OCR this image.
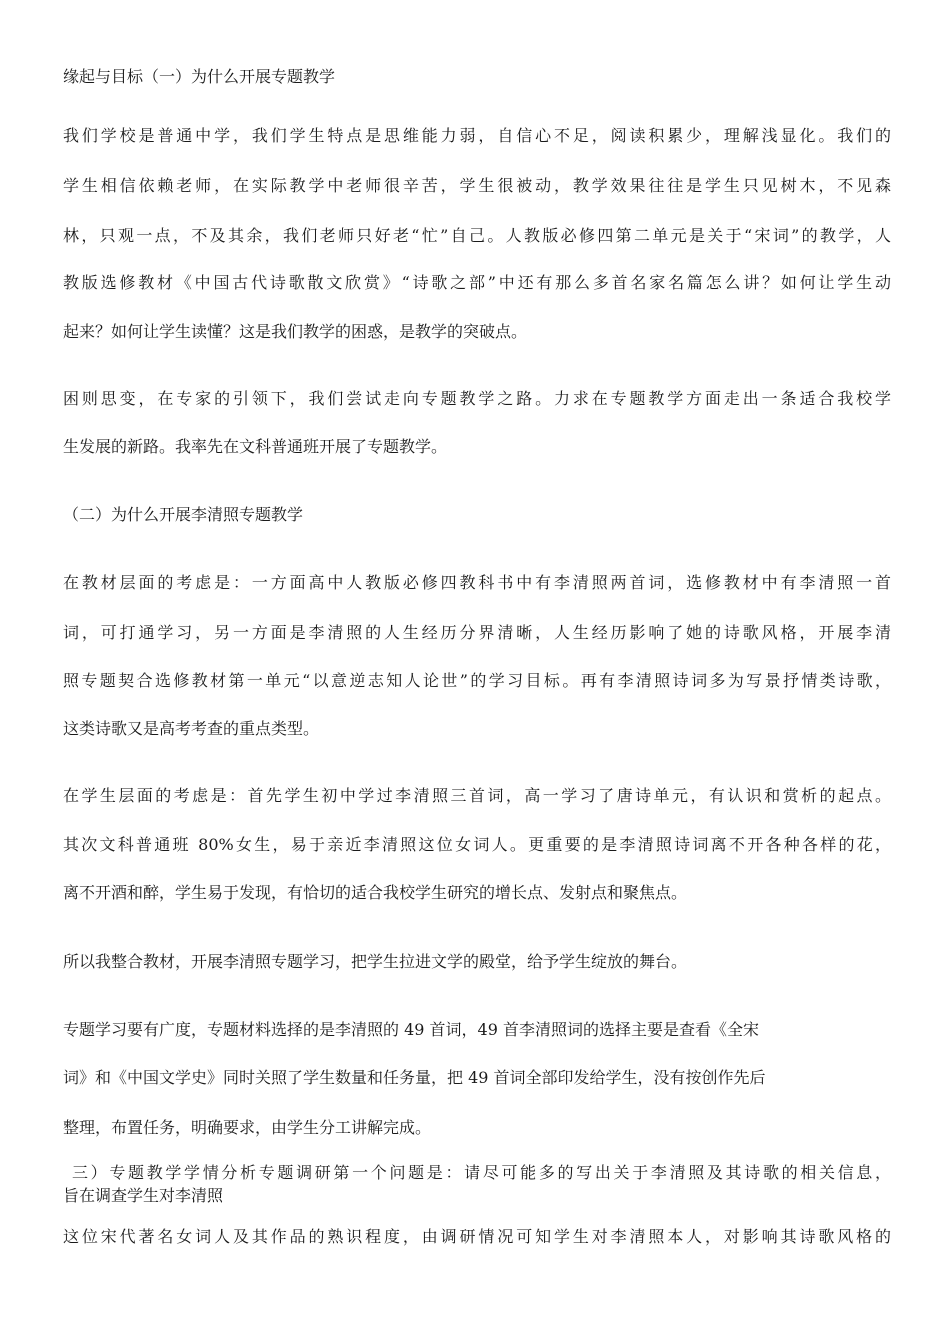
缘起与目标（一）为什么开展专题教学
我们学校是普通中学，我们学生特点是思维能力弱，自信心不足，阅读积累少，理解浅显化。我们的
学生相信依赖老师，在实际教学中老师很辛苦，学生很被动，教学效果往往是学生只见树木，不见森
林，只观一点，不及其余，我们老师只好老“忙”自己。人教版必修四第二单元是关于“宋词”的教学，人
教版选修教材《中国古代诗歌散文欣赏》“诗歌之部”中还有那么多首名家名篇怎么讲？如何让学生动
起来？如何让学生读懂？这是我们教学的困惑，是教学的突破点。
困则思变，在专家的引领下，我们尝试走向专题教学之路。力求在专题教学方面走出一条适合我校学
生发展的新路。我率先在文科普通班开展了专题教学。
（二）为什么开展李清照专题教学
在教材层面的考虑是：一方面高中人教版必修四教科书中有李清照两首词，选修教材中有李清照一首
词，可打通学习，另一方面是李清照的人生经历分界清晰，人生经历影响了她的诗歌风格，开展李清
照专题契合选修教材第一单元“以意逆志知人论世”的学习目标。再有李清照诗词多为写景抒情类诗歌，
这类诗歌又是高考考查的重点类型。
在学生层面的考虑是：首先学生初中学过李清照三首词，高一学习了唐诗单元，有认识和赏析的起点。
其次文科普通班 80%女生，易于亲近李清照这位女词人。更重要的是李清照诗词离不开各种各样的花，
离不开酒和醉，学生易于发现，有恰切的适合我校学生研究的增长点、发射点和聚焦点。
所以我整合教材，开展李清照专题学习，把学生拉进文学的殿堂，给予学生绽放的舞台。
专题学习要有广度，专题材料选择的是李清照的 49 首词，49 首李清照词的选择主要是查看《全宋
词》和《中国文学史》同时关照了学生数量和任务量，把 49 首词全部印发给学生，没有按创作先后
整理，布置任务，明确要求，由学生分工讲解完成。
三）专题教学学情分析专题调研第一个问题是：请尽可能多的写出关于李清照及其诗歌的相关信息，
旨在调查学生对李清照
这位宋代著名女词人及其作品的熟识程度，由调研情况可知学生对李清照本人，对影响其诗歌风格的
